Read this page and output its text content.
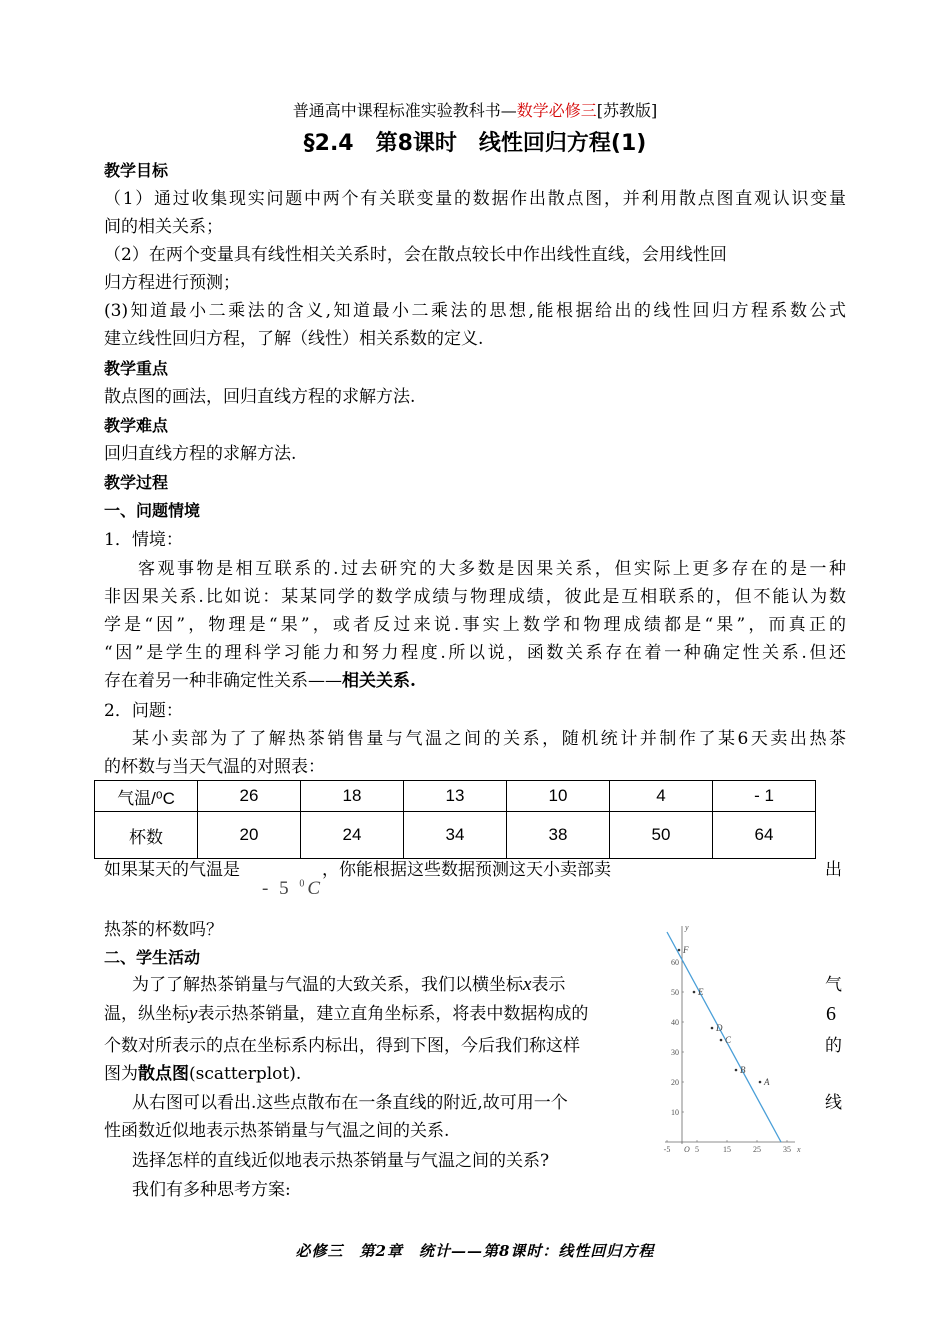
普通高中课程标准实验教科书—数学必修三[苏教版]
§2.4　第8课时　线性回归方程(1)
教学目标
（1）通过收集现实问题中两个有关联变量的数据作出散点图，并利用散点图直观认识变量
间的相关关系；
（2）在两个变量具有线性相关关系时，会在散点较长中作出线性直线，会用线性回
归方程进行预测；
(3)知道最小二乘法的含义,知道最小二乘法的思想,能根据给出的线性回归方程系数公式
建立线性回归方程，了解（线性）相关系数的定义.
教学重点
散点图的画法，回归直线方程的求解方法.
教学难点
回归直线方程的求解方法.
教学过程
一、问题情境
1．情境：
客观事物是相互联系的.过去研究的大多数是因果关系，但实际上更多存在的是一种
非因果关系.比如说：某某同学的数学成绩与物理成绩，彼此是互相联系的，但不能认为数
学是“因”，物理是“果”，或者反过来说.事实上数学和物理成绩都是“果”，而真正的
“因”是学生的理科学习能力和努力程度.所以说，函数关系存在着一种确定性关系.但还
存在着另一种非确定性关系——相关关系.
2．问题：
某小卖部为了了解热茶销售量与气温之间的关系，随机统计并制作了某6天卖出热茶
的杯数与当天气温的对照表：
气温/⁰C	26	18	13	10	4	- 1
杯数	20	24	34	38	50	64
如果某天的气温是	，你能根据这些数据预测这天小卖部卖	出
- 5 $^0$C
热茶的杯数吗？
二、学生活动
为了了解热茶销量与气温的大致关系，我们以横坐标x表示	气
温，纵坐标y表示热茶销量，建立直角坐标系，将表中数据构成的	6
个数对所表示的点在坐标系内标出，得到下图，今后我们称这样	的
图为散点图(scatterplot).
从右图可以看出.这些点散布在一条直线的附近,故可用一个	线
性函数近似地表示热茶销量与气温之间的关系.
选择怎样的直线近似地表示热茶销量与气温之间的关系?
我们有多种思考方案:
x
y
O
-5	5	15	25	35
10
20
30
40
50
60
A
B
C
D
E
F
必修三　第2章　统计——第8课时：线性回归方程
